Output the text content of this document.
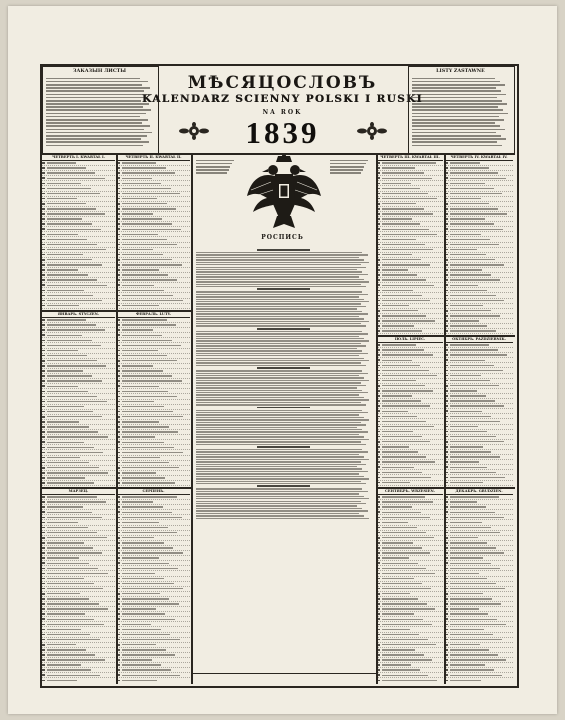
ЗАКАЗЫН ЛИСТЫ	LISTY ZASTAWNE
МѢСЯЦОСЛОВЪ
KALENDARZ SCIENNY POLSKI I RUSKI
NA ROK
1839
РОСПИСЬ
ЧЕТВЕРТЬ I. KWARTAŁ I.	ЧЕТВЕРТЬ II. KWARTAŁ II.
ЯНВАРЬ. STYCZEŃ.	ФЕВРАЛЬ. LUTY.
МАРЗЕЦ.	СЕРПЕНЬ.
ЧЕТВЕРТЬ III. KWARTAŁ III.	ЧЕТВЕРТЬ IV. KWARTAŁ IV.
ІЮЛЬ. LIPIEC.	ОКТЯБРЬ. PAŹDZIERNIK.
СЕНТЯБРЬ. WRZESIEŃ.	ДЕКАБРЬ. GRUDZIEŃ.
